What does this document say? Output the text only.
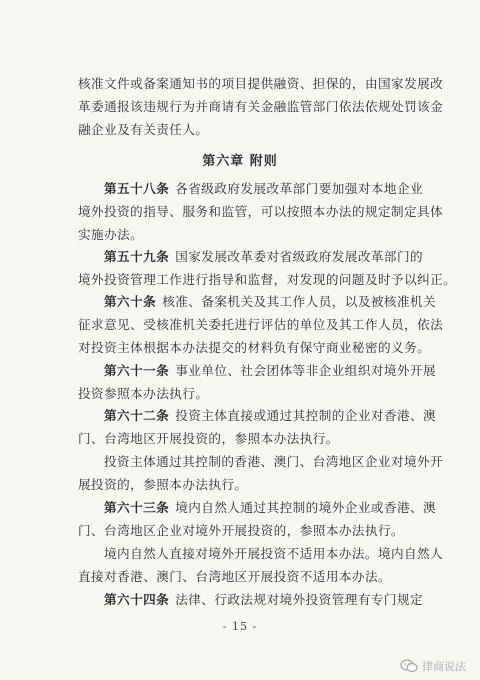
核准文件或备案通知书的项目提供融资、担保的，由国家发展改
革委通报该违规行为并商请有关金融监管部门依法依规处罚该金
融企业及有关责任人。
第六章 附则
第五十八条 各省级政府发展改革部门要加强对本地企业
境外投资的指导、服务和监管，可以按照本办法的规定制定具体
实施办法。
第五十九条 国家发展改革委对省级政府发展改革部门的
境外投资管理工作进行指导和监督，对发现的问题及时予以纠正。
第六十条 核准、备案机关及其工作人员，以及被核准机关
征求意见、受核准机关委托进行评估的单位及其工作人员，依法
对投资主体根据本办法提交的材料负有保守商业秘密的义务。
第六十一条 事业单位、社会团体等非企业组织对境外开展
投资参照本办法执行。
第六十二条 投资主体直接或通过其控制的企业对香港、澳
门、台湾地区开展投资的，参照本办法执行。
投资主体通过其控制的香港、澳门、台湾地区企业对境外开
展投资的，参照本办法执行。
第六十三条 境内自然人通过其控制的境外企业或香港、澳
门、台湾地区企业对境外开展投资的，参照本办法执行。
境内自然人直接对境外开展投资不适用本办法。境内自然人
直接对香港、澳门、台湾地区开展投资不适用本办法。
第六十四条 法律、行政法规对境外投资管理有专门规定
- 15 -
律商说法
